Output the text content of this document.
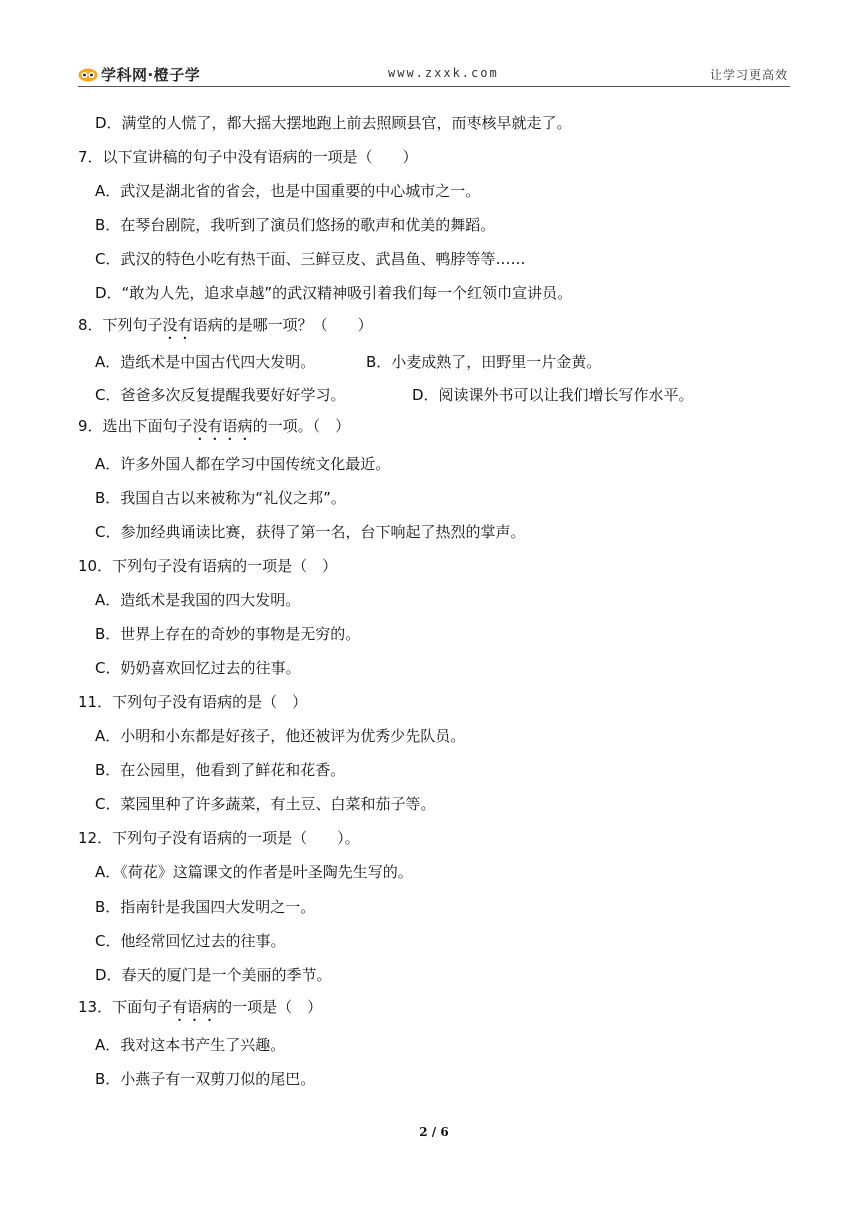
学科网·橙子学	www.zxxk.com	让学习更高效
D．满堂的人慌了，都大摇大摆地跑上前去照顾县官，而枣核早就走了。
7．以下宣讲稿的句子中没有语病的一项是（　　）
A．武汉是湖北省的省会，也是中国重要的中心城市之一。
B．在琴台剧院，我听到了演员们悠扬的歌声和优美的舞蹈。
C．武汉的特色小吃有热干面、三鲜豆皮、武昌鱼、鸭脖等等……
D．“敢为人先，追求卓越”的武汉精神吸引着我们每一个红领巾宣讲员。
8．下列句子没有语病的是哪一项？（　　）
A．造纸术是中国古代四大发明。	B．小麦成熟了，田野里一片金黄。
C．爸爸多次反复提醒我要好好学习。	D．阅读课外书可以让我们增长写作水平。
9．选出下面句子没有语病的一项。（　）
A．许多外国人都在学习中国传统文化最近。
B．我国自古以来被称为“礼仪之邦”。
C．参加经典诵读比赛，获得了第一名，台下响起了热烈的掌声。
10．下列句子没有语病的一项是（　）
A．造纸术是我国的四大发明。
B．世界上存在的奇妙的事物是无穷的。
C．奶奶喜欢回忆过去的往事。
11．下列句子没有语病的是（　）
A．小明和小东都是好孩子，他还被评为优秀少先队员。
B．在公园里，他看到了鲜花和花香。
C．菜园里种了许多蔬菜，有土豆、白菜和茄子等。
12．下列句子没有语病的一项是（　　）。
A．《荷花》这篇课文的作者是叶圣陶先生写的。
B．指南针是我国四大发明之一。
C．他经常回忆过去的往事。
D．春天的厦门是一个美丽的季节。
13．下面句子有语病的一项是（　）
A．我对这本书产生了兴趣。
B．小燕子有一双剪刀似的尾巴。
2 / 6
